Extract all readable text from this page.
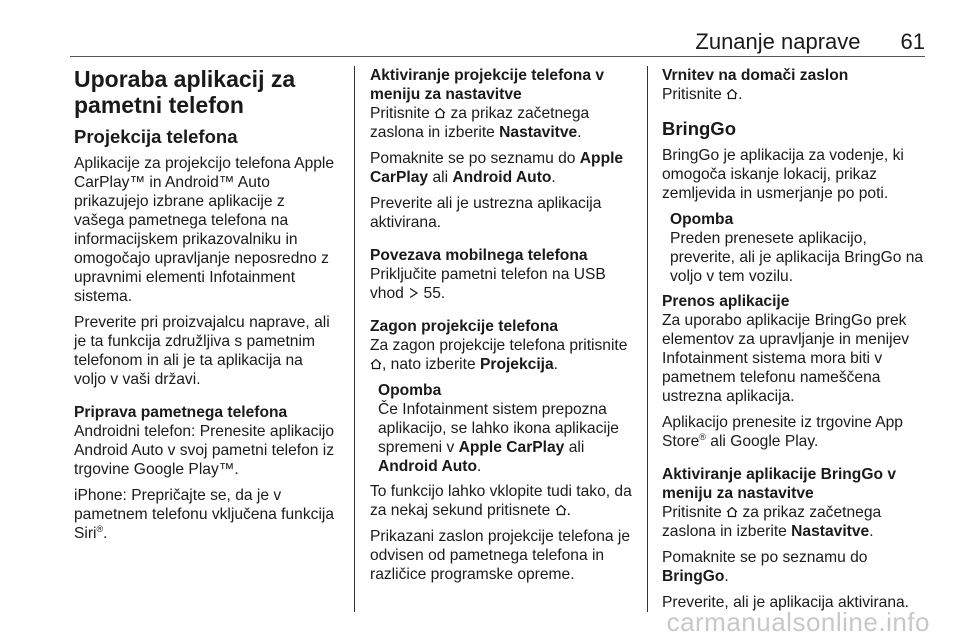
Zunanje naprave 61
Uporaba aplikacij za pametni telefon
Projekcija telefona

Aplikacije za projekcijo telefona Apple CarPlay™ in Android™ Auto prikazujejo izbrane aplikacije z vašega pametnega telefona na informacijskem prikazovalniku in omogočajo upravljanje neposredno z upravnimi elementi Infotainment sistema.

Preverite pri proizvajalcu naprave, ali je ta funkcija združljiva s pametnim telefonom in ali je ta aplikacija na voljo v vaši državi.

Priprava pametnega telefona

Androidni telefon: Prenesite aplikacijo Android Auto v svoj pametni telefon iz trgovine Google Play™.

iPhone: Prepričajte se, da je v pametnem telefonu vključena funkcija Siri®.

Aktiviranje projekcije telefona v meniju za nastavitve

Pritisnite za prikaz začetnega zaslona in izberite Nastavitve.

Pomaknite se po seznamu do Apple CarPlay ali Android Auto.

Preverite ali je ustrezna aplikacija aktivirana.

Povezava mobilnega telefona

Priključite pametni telefon na USB vhod 55.

Zagon projekcije telefona

Za zagon projekcije telefona pritisnite , nato izberite Projekcija.

Opomba
Če Infotainment sistem prepozna aplikacijo, se lahko ikona aplikacije spremeni v Apple CarPlay ali Android Auto.

To funkcijo lahko vklopite tudi tako, da za nekaj sekund pritisnete .

Prikazani zaslon projekcije telefona je odvisen od pametnega telefona in različice programske opreme.

Vrnitev na domači zaslon

Pritisnite .

BringGo

BringGo je aplikacija za vodenje, ki omogoča iskanje lokacij, prikaz zemljevida in usmerjanje po poti.

Opomba
Preden prenesete aplikacijo, preverite, ali je aplikacija BringGo na voljo v tem vozilu.
Prenos aplikacije

Za uporabo aplikacije BringGo prek elementov za upravljanje in menijev Infotainment sistema mora biti v pametnem telefonu nameščena ustrezna aplikacija.

Aplikacijo prenesite iz trgovine App Store® ali Google Play.

Aktiviranje aplikacije BringGo v meniju za nastavitve

Pritisnite za prikaz začetnega zaslona in izberite Nastavitve.

Pomaknite se po seznamu do BringGo.

Preverite, ali je aplikacija aktivirana.

carmanualsonline.info
